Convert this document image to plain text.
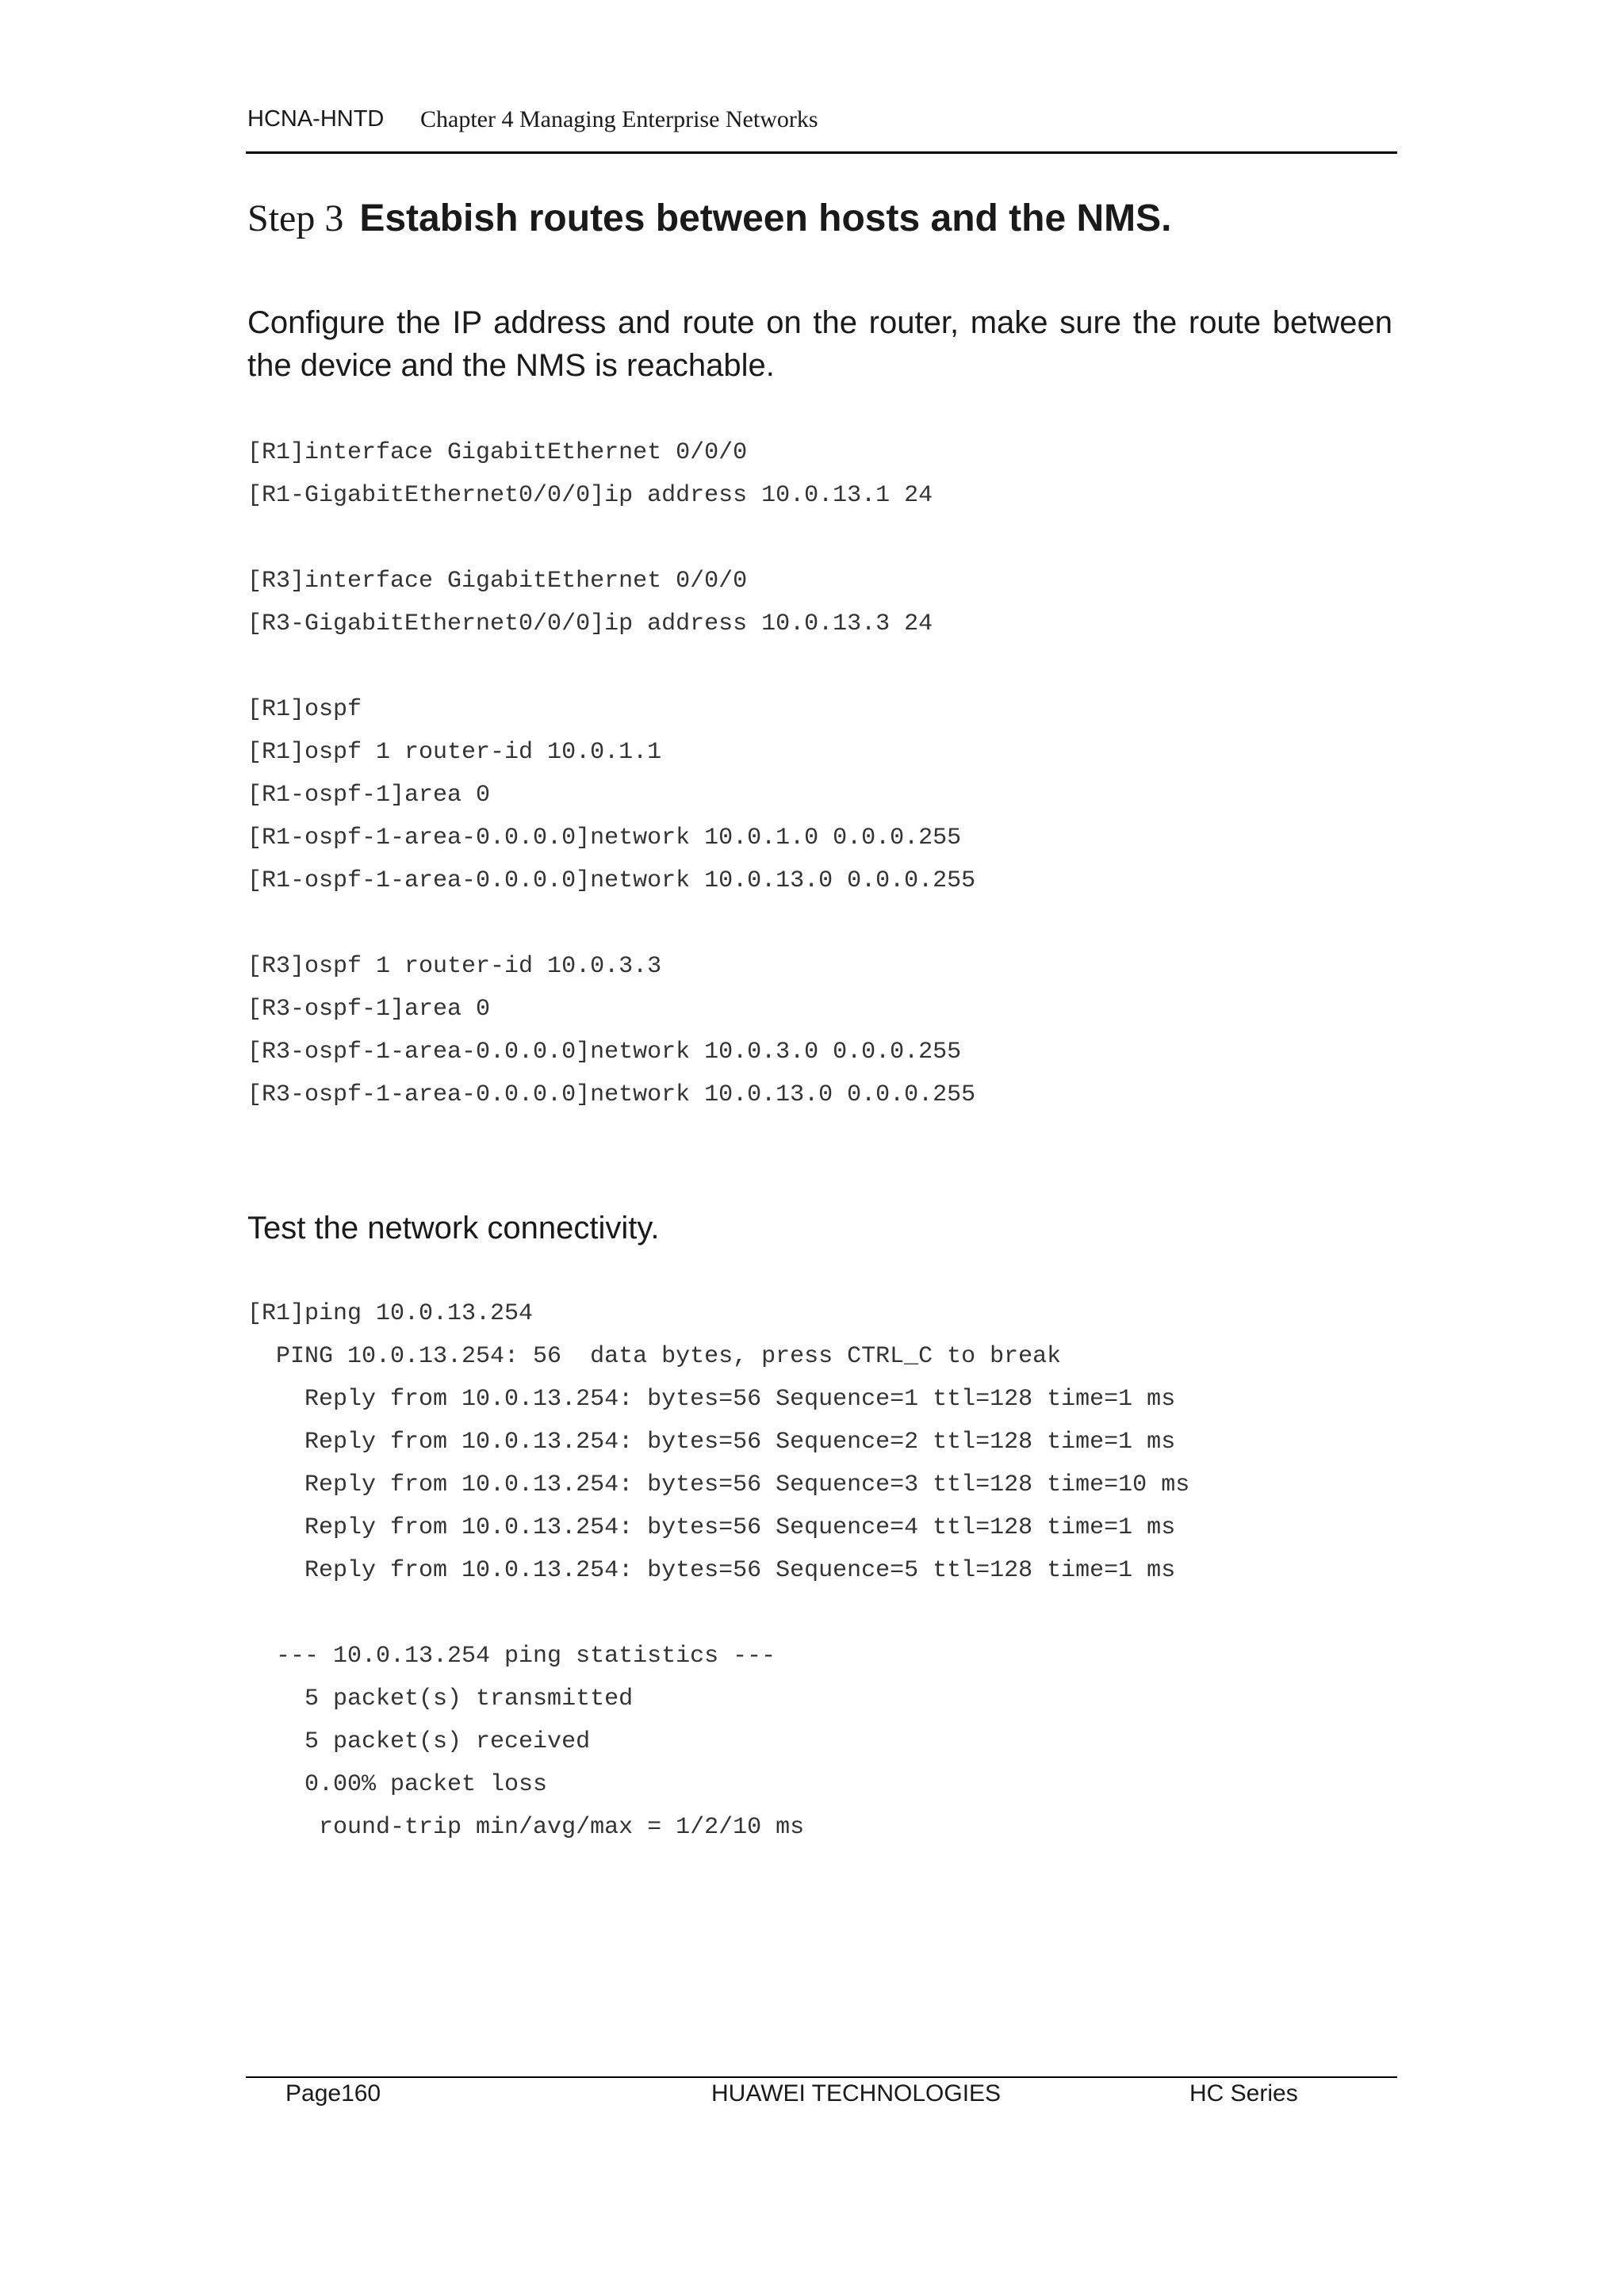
HCNA-HNTD Chapter 4 Managing Enterprise Networks
Step 3 Estabish routes between hosts and the NMS.

Configure the IP address and route on the router, make sure the route between the device and the NMS is reachable.

[R1]interface GigabitEthernet 0/0/0
[R1-GigabitEthernet0/0/0]ip address 10.0.13.1 24
[R3]interface GigabitEthernet 0/0/0
[R3-GigabitEthernet0/0/0]ip address 10.0.13.3 24
[R1]ospf
[R1]ospf 1 router-id 10.0.1.1
[R1-ospf-1]area 0
[R1-ospf-1-area-0.0.0.0]network 10.0.1.0 0.0.0.255
[R1-ospf-1-area-0.0.0.0]network 10.0.13.0 0.0.0.255
[R3]ospf 1 router-id 10.0.3.3
[R3-ospf-1]area 0
[R3-ospf-1-area-0.0.0.0]network 10.0.3.0 0.0.0.255
[R3-ospf-1-area-0.0.0.0]network 10.0.13.0 0.0.0.255

Test the network connectivity.

[R1]ping 10.0.13.254
PING 10.0.13.254: 56  data bytes, press CTRL_C to break
Reply from 10.0.13.254: bytes=56 Sequence=1 ttl=128 time=1 ms
Reply from 10.0.13.254: bytes=56 Sequence=2 ttl=128 time=1 ms
Reply from 10.0.13.254: bytes=56 Sequence=3 ttl=128 time=10 ms
Reply from 10.0.13.254: bytes=56 Sequence=4 ttl=128 time=1 ms
Reply from 10.0.13.254: bytes=56 Sequence=5 ttl=128 time=1 ms
--- 10.0.13.254 ping statistics ---
5 packet(s) transmitted
5 packet(s) received
0.00% packet loss
round-trip min/avg/max = 1/2/10 ms
Page160	HUAWEI TECHNOLOGIES	HC Series
